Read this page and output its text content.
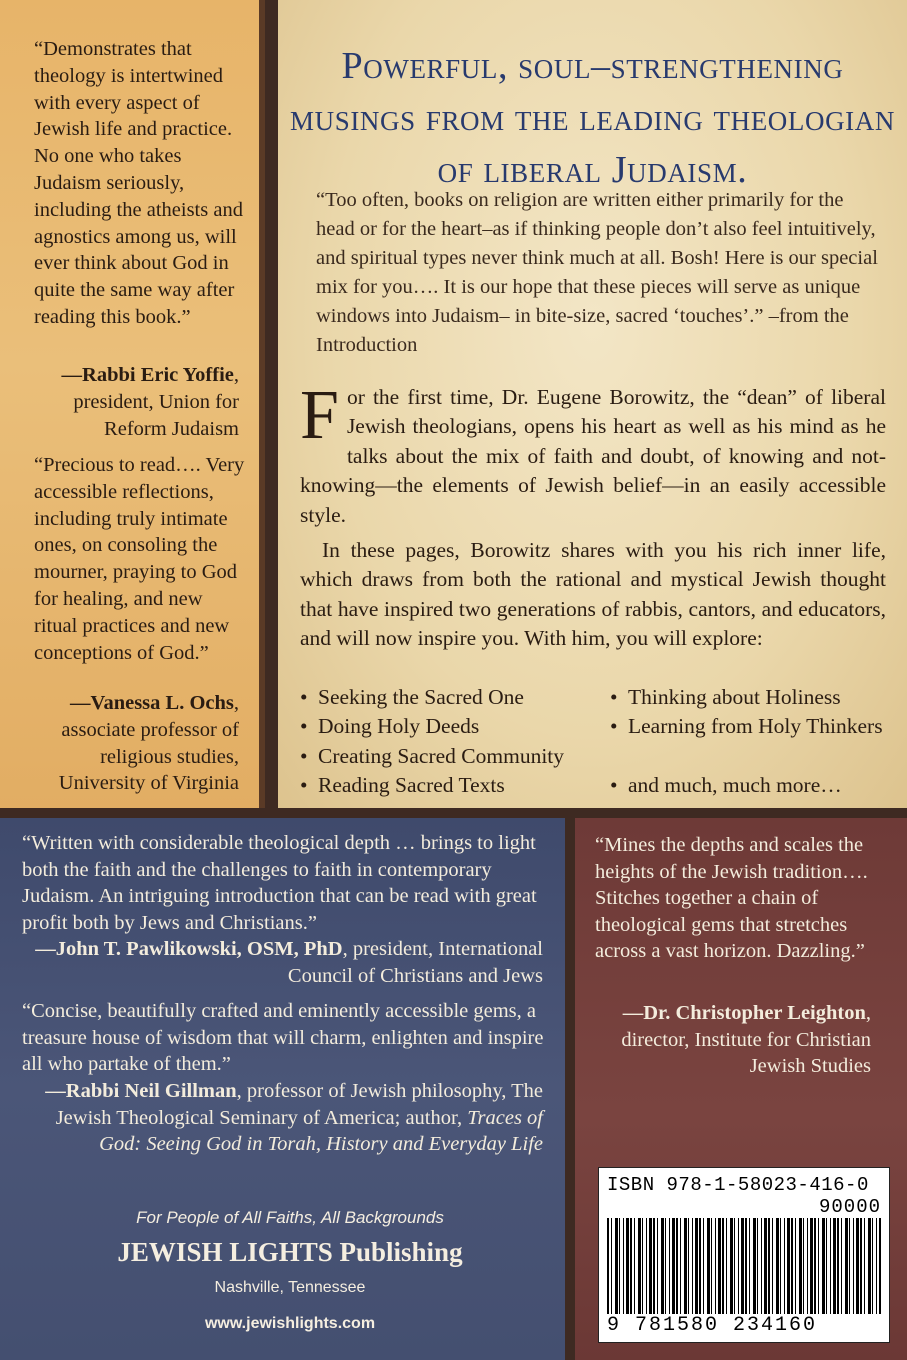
“Demonstrates that theology is intertwined with every aspect of Jewish life and practice. No one who takes Judaism seriously, including the atheists and agnostics among us, will ever think about God in quite the same way after reading this book.”
—Rabbi Eric Yoffie, president, Union for Reform Judaism
“Precious to read…. Very accessible reflections, including truly intimate ones, on consoling the mourner, praying to God for healing, and new ritual practices and new conceptions of God.”
—Vanessa L. Ochs, associate professor of religious studies, University of Virginia
Powerful, soul–strengthening musings from the leading theologian of liberal Judaism.
“Too often, books on religion are written either primarily for the head or for the heart–as if thinking people don’t also feel intuitively, and spiritual types never think much at all. Bosh! Here is our special mix for you…. It is our hope that these pieces will serve as unique windows into Judaism– in bite-size, sacred ‘touches’.” –from the Introduction

For the first time, Dr. Eugene Borowitz, the “dean” of liberal Jewish theologians, opens his heart as well as his mind as he talks about the mix of faith and doubt, of knowing and not-knowing—the elements of Jewish belief—in an easily accessible style.

In these pages, Borowitz shares with you his rich inner life, which draws from both the rational and mystical Jewish thought that have inspired two generations of rabbis, cantors, and educators, and will now inspire you. With him, you will explore:

• Seeking the Sacred One	• Thinking about Holiness
• Doing Holy Deeds	• Learning from Holy Thinkers
• Creating Sacred Community
• Reading Sacred Texts	• and much, much more…
“Written with considerable theological depth … brings to light both the faith and the challenges to faith in contemporary Judaism. An intriguing introduction that can be read with great profit both by Jews and Christians.”
—John T. Pawlikowski, OSM, PhD, president, International Council of Christians and Jews
“Concise, beautifully crafted and eminently accessible gems, a treasure house of wisdom that will charm, enlighten and inspire all who partake of them.”
—Rabbi Neil Gillman, professor of Jewish philosophy, The Jewish Theological Seminary of America; author, Traces of God: Seeing God in Torah, History and Everyday Life
For People of All Faiths, All Backgrounds
JEWISH LIGHTS Publishing
Nashville, Tennessee
www.jewishlights.com
“Mines the depths and scales the heights of the Jewish tradition…. Stitches together a chain of theological gems that stretches across a vast horizon. Dazzling.”
—Dr. Christopher Leighton, director, Institute for Christian Jewish Studies
ISBN 978-1-58023-416-0
90000
9 781580 234160
